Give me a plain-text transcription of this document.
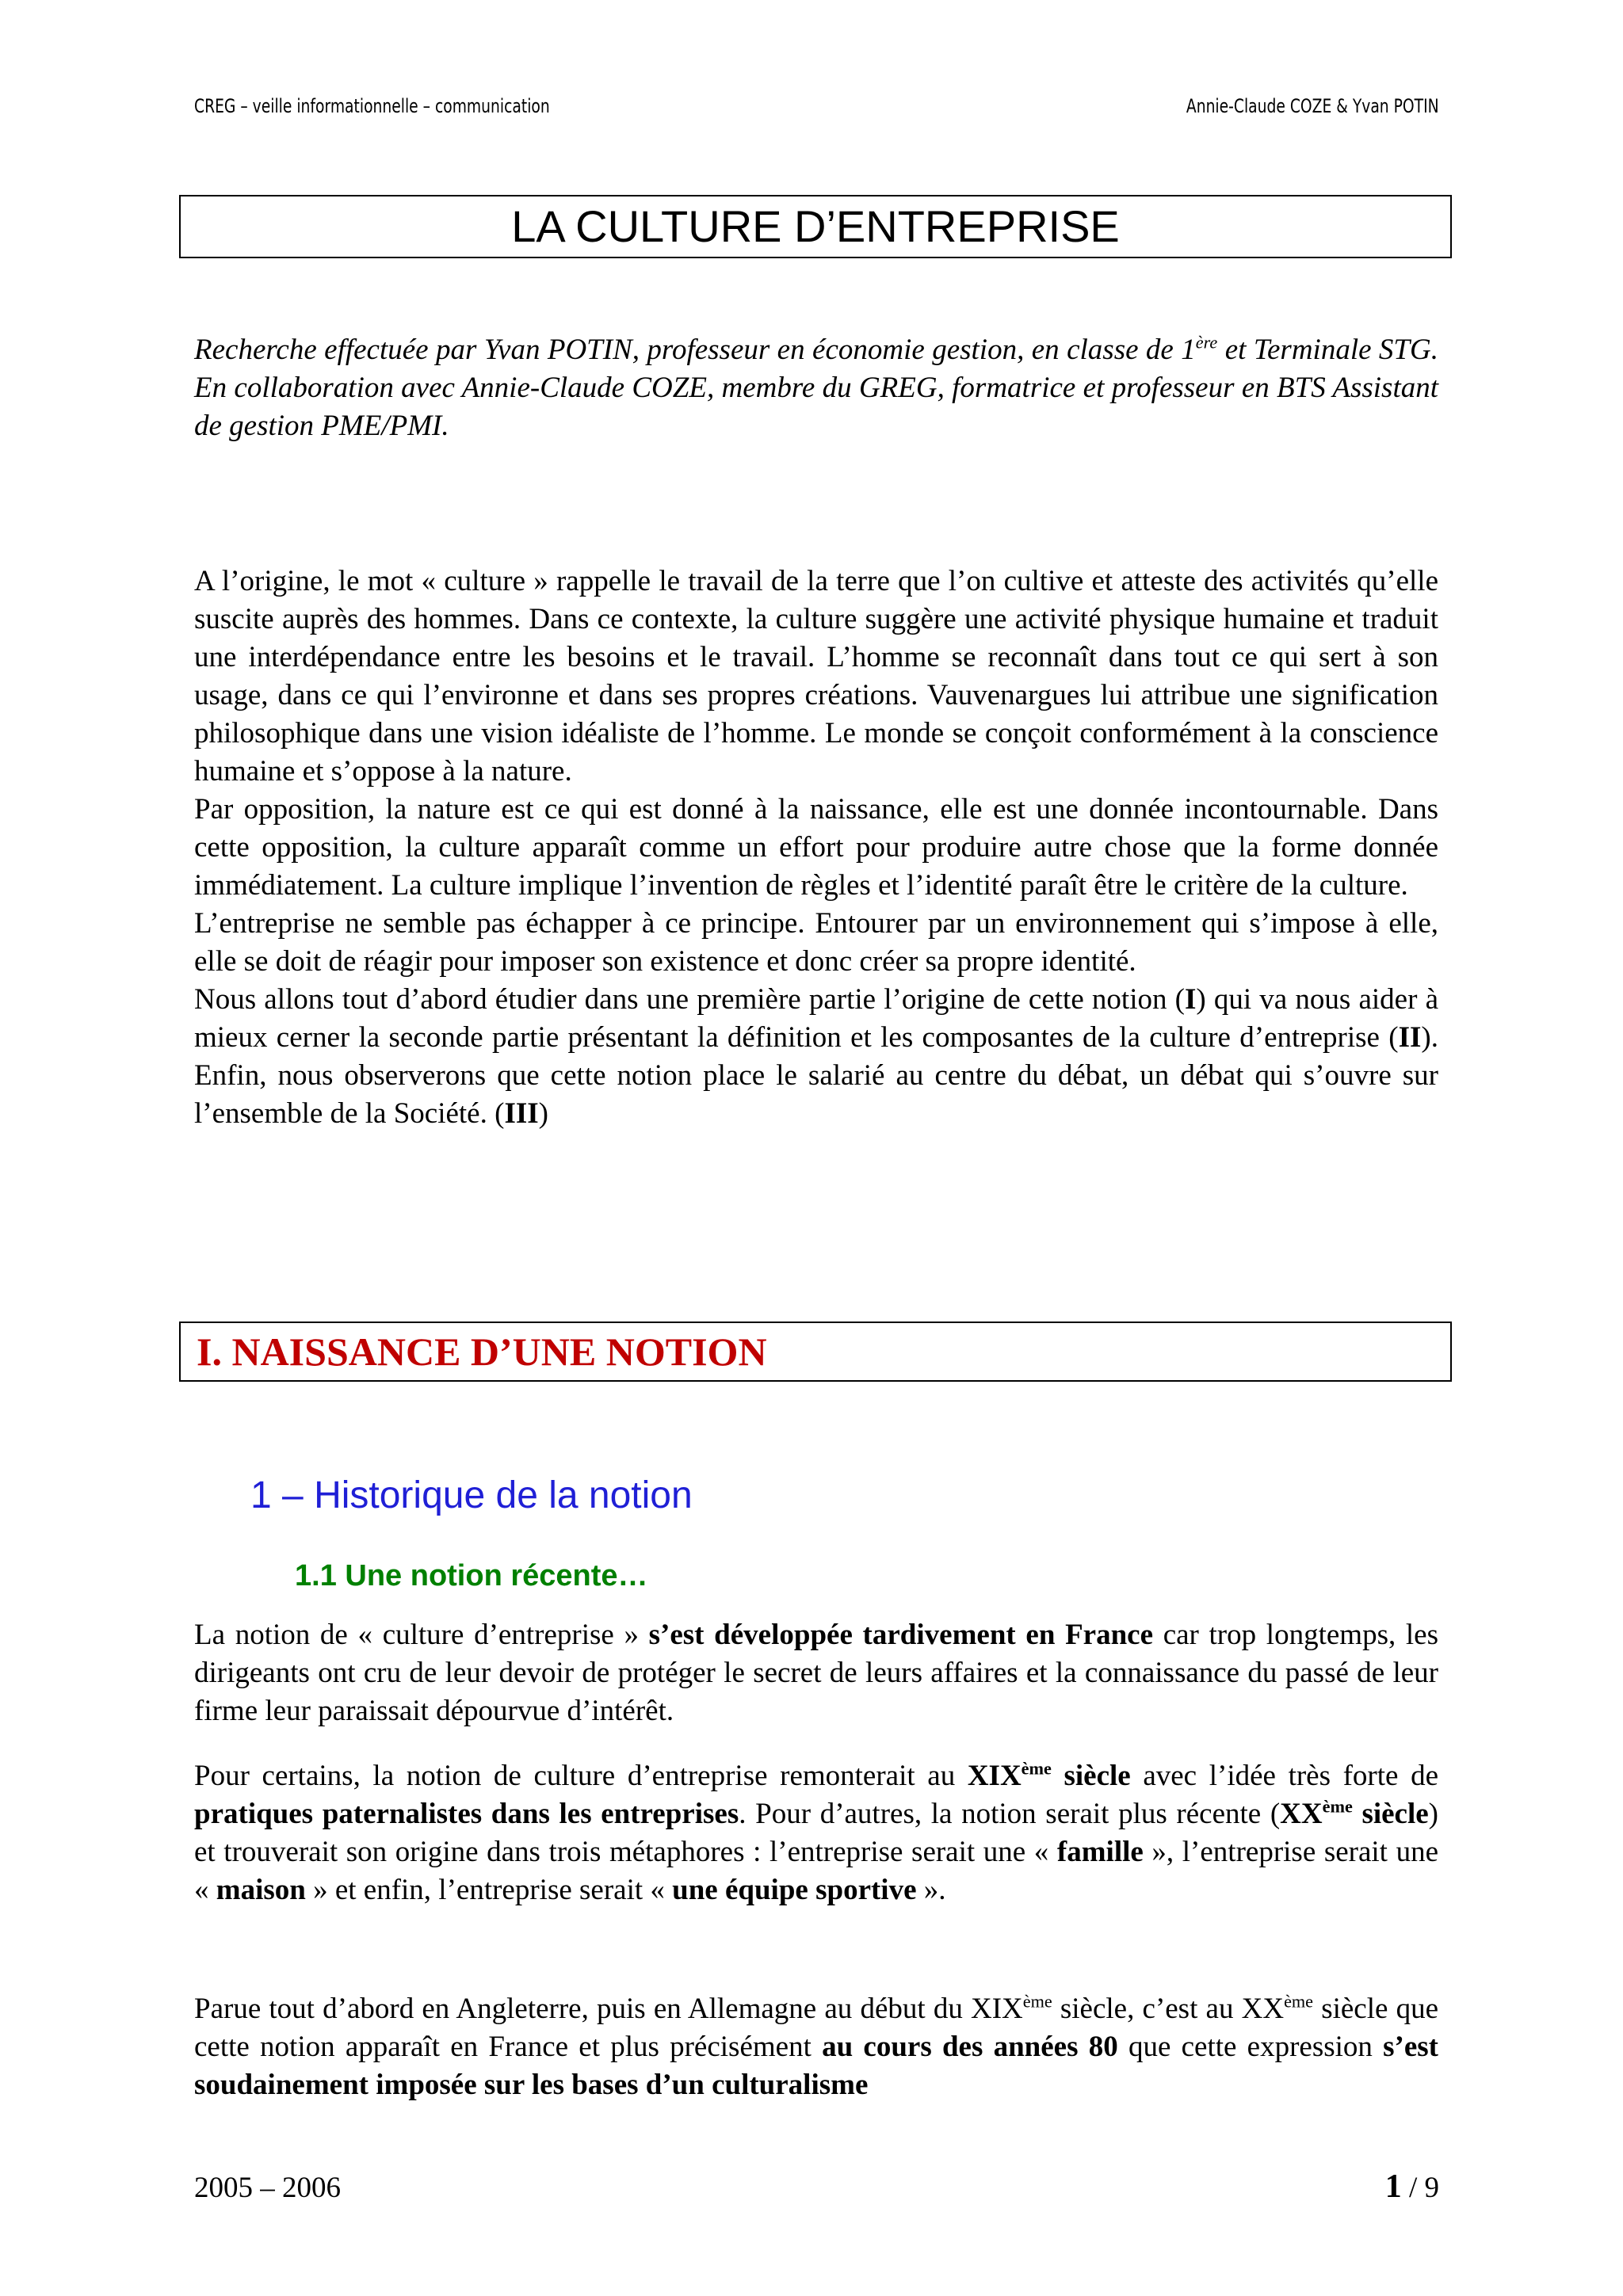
CREG – veille informationnelle – communication	Annie-Claude COZE & Yvan POTIN
LA CULTURE D’ENTREPRISE

Recherche effectuée par Yvan POTIN, professeur en économie gestion, en classe de 1ère et Terminale STG. En collaboration avec Annie-Claude COZE, membre du GREG, formatrice et professeur en BTS Assistant de gestion PME/PMI.

A l’origine, le mot « culture » rappelle le travail de la terre que l’on cultive et atteste des activités qu’elle suscite auprès des hommes. Dans ce contexte, la culture suggère une activité physique humaine et traduit une interdépendance entre les besoins et le travail. L’homme se reconnaît dans tout ce qui sert à son usage, dans ce qui l’environne et dans ses propres créations. Vauvenargues lui attribue une signification philosophique dans une vision idéaliste de l’homme. Le monde se conçoit conformément à la conscience humaine et s’oppose à la nature.

Par opposition, la nature est ce qui est donné à la naissance, elle est une donnée incontournable. Dans cette opposition, la culture apparaît comme un effort pour produire autre chose que la forme donnée immédiatement. La culture implique l’invention de règles et l’identité paraît être le critère de la culture.

L’entreprise ne semble pas échapper à ce principe. Entourer par un environnement qui s’impose à elle, elle se doit de réagir pour imposer son existence et donc créer sa propre identité.

Nous allons tout d’abord étudier dans une première partie l’origine de cette notion (I) qui va nous aider à mieux cerner la seconde partie présentant la définition et les composantes de la culture d’entreprise (II). Enfin, nous observerons que cette notion place le salarié au centre du débat, un débat qui s’ouvre sur l’ensemble de la Société. (III)

I. NAISSANCE D’UNE NOTION
1 – Historique de la notion
1.1 Une notion récente…

La notion de « culture d’entreprise » s’est développée tardivement en France car trop longtemps, les dirigeants ont cru de leur devoir de protéger le secret de leurs affaires et la connaissance du passé de leur firme leur paraissait dépourvue d’intérêt.

Pour certains, la notion de culture d’entreprise remonterait au XIXème siècle avec l’idée très forte de pratiques paternalistes dans les entreprises. Pour d’autres, la notion serait plus récente (XXème siècle) et trouverait son origine dans trois métaphores : l’entreprise serait une « famille », l’entreprise serait une « maison » et enfin, l’entreprise serait « une équipe sportive ».

Parue tout d’abord en Angleterre, puis en Allemagne au début du XIXème siècle, c’est au XXème siècle que cette notion apparaît en France et plus précisément au cours des années 80 que cette expression s’est soudainement imposée sur les bases d’un culturalisme

2005 – 2006	1 / 9
